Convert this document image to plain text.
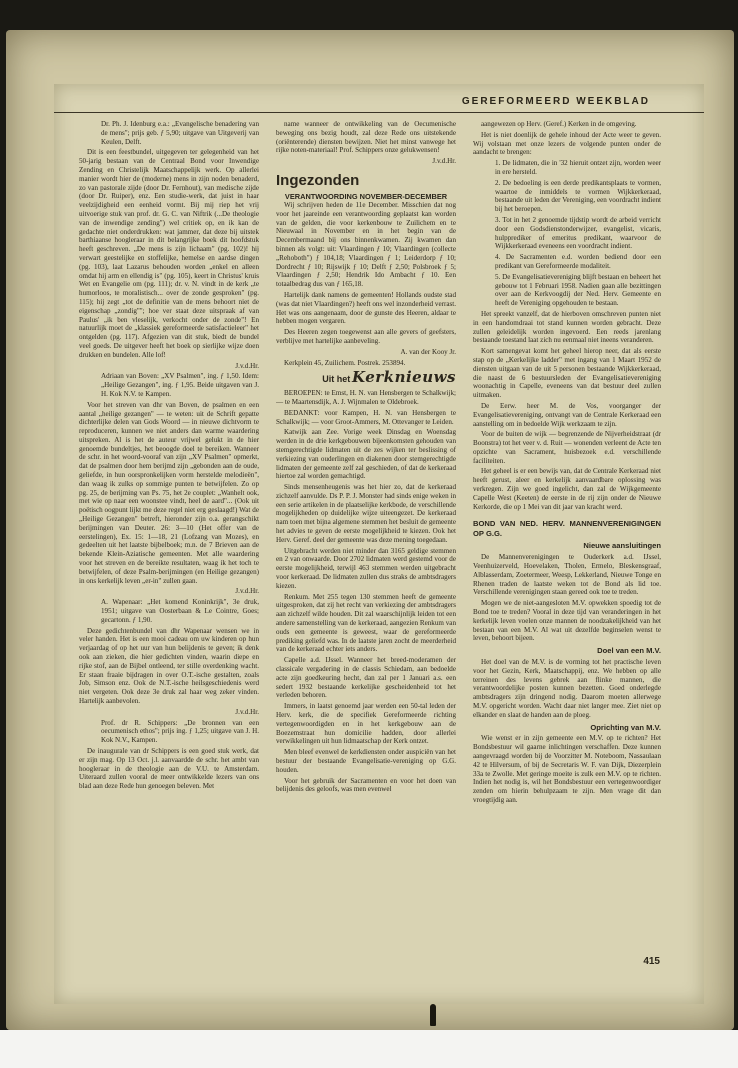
GEREFORMEERD WEEKBLAD

Dr. Ph. J. Idenburg e.a.: „Evangelische benadering van de mens"; prijs geb. ƒ 5,90; uitgave van Uitgeverij van Keulen, Delft.

Dit is een feestbundel, uitgegeven ter gelegenheid van het 50-jarig bestaan van de Centraal Bond voor Inwendige Zending en Christelijk Maatschappelijk werk. Op allerlei manier wordt hier de (moderne) mens in zijn noden benaderd, zo van pastorale zijde (door Dr. Fernhout), van medische zijde (door Dr. Ruiper), enz. Een studie-werk, dat juist in haar veelzijdigheid een eenheid vormt. Bij mij riep het vrij uitvoerige stuk van prof. dr. G. C. van Niftrik (...De theologie van de inwendige zending") wel critiek op, en ik kan de gedachte niet onderdrukken: wat jammer, dat deze bij uitstek barthiaanse hoogleraar in dit belangrijke boek dit hoofdstuk heeft geschreven. „De mens is zijn lichaam" (pg. 102)! hij verwart geestelijke en stoffelijke, hemelse en aardse dingen (pg. 103), laat Lazarus behouden worden „enkel en alleen omdat hij arm en ellendig is" (pg. 105), keert in Christus' kruis Wet en Evangelie om (pg. 111); dr. v. N. vindt in de kerk „te humorloos, te moralistisch... over de zonde gesproken" (pg. 115); hij zegt „tot de definitie van de mens behoort niet de eigenschap „zondig""; hoe ver staat deze uitspraak af van Paulus' „ik ben vleselijk, verkocht onder de zonde"! En natuurlijk moet de „klassiek gereformeerde satisfactieleer" het ontgelden (pg. 117). Afgezien van dit stuk, biedt de bundel veel goeds. De uitgever heeft het boek op sierlijke wijze doen drukken en bundelen. Alle lof!

J.v.d.Hr.

Adriaan van Boven: „XV Psalmen", ing. ƒ 1,50. Idem: „Heilige Gezangen", ing. ƒ 1,95. Beide uitgaven van J. H. Kok N.V. te Kampen.

Voor het streven van dhr van Boven, de psalmen en een aantal „heilige gezangen" — te weten: uit de Schrift gepatte dichterlijke delen van Gods Woord — in nieuwe dichtvorm te reproduceren, kunnen we niet anders dan warme waardering uitspreken. Al is het de auteur vrijwel gelukt in de hier genoemde bundeltjes, het beoogde doel te bereiken. Wanneer de schr. in het woord-vooraf van zijn „XV Psalmen" opmerkt, dat de psalmen door hem berijmd zijn „gebonden aan de oude, geliefde, in hun oorspronkelijken vorm herstelde melodieën", dan waag ik zulks op sommige punten te betwijfelen. Zo op pg. 25, de berijming van Ps. 75, het 2e couplet: „Wanhelt ook, met wie op naar een woonstee vindt, heel de aard"... (Ook uit poëtisch oogpunt lijkt me deze regel niet erg geslaagd!) Wat de „Heilige Gezangen" betreft, hieronder zijn o.a. gerangschikt berijmingen van Deuter. 26: 3—10 (Het offer van de eerstelingen), Ex. 15: 1—18, 21 (Lofzang van Mozes), en gedeelten uit het laatste bijbelboek; m.n. de 7 Brieven aan de bekende Klein-Aziatische gemeenten. Met alle waardering voor het streven en de bereikte resultaten, waag ik het toch te betwijfelen, of deze Psalm-berijmingen (en Heilige gezangen) in ons kerkelijk leven „er-in" zullen gaan.

J.v.d.Hr.

A. Wapenaar: „Het komend Koninkrijk", 3e druk, 1951; uitgave van Oosterbaan & Le Cointre, Goes; gecartonn. ƒ 1,90.

Deze gedichtenbundel van dhr Wapenaar wensen we in veler handen. Het is een mooi cadeau om uw kinderen op hun verjaardag of op het uur van hun belijdenis te geven; ik denk ook aan zieken, die hier gedichten vinden, waarin diepe en rijke stof, aan de Bijbel ontleend, ter stille overdenking wacht. Er staan fraaie bijdragen in over O.T.-ische gestalten, zoals Job, Simson enz. Ook de N.T.-ische heilsgeschiedenis werd niet vergeten. Ook deze 3e druk zal haar weg zeker vinden. Hartelijk aanbevolen.

J.v.d.Hr.

Prof. dr R. Schippers: „De bronnen van een oecumenisch ethos"; prijs ing. ƒ 1,25; uitgave van J. H. Kok N.V., Kampen.

De inaugurale van dr Schippers is een goed stuk werk, dat er zijn mag. Op 13 Oct. j.l. aanvaardde de schr. het ambt van hoogleraar in de theologie aan de V.U. te Amsterdam. Uiteraard zullen vooral de meer ontwikkelde lezers van ons blad aan deze Rede hun genoegen beleven. Met

name wanneer de ontwikkeling van de Oecumenische beweging ons bezig houdt, zal deze Rede ons uitstekende (oriënterende) diensten bewijzen. Niet het minst vanwege het rijke noten-materiaal! Prof. Schippers onze gelukwensen!

J.v.d.Hr.

Ingezonden
VERANTWOORDING NOVEMBER-DECEMBER

Wij schrijven heden de 11e December. Misschien dat nog voor het jaareinde een verantwoording geplaatst kan worden van de gelden, die voor kerkenbouw te Zuilichem en te Nieuwaal in November en in het begin van de Decembermaand bij ons binnenkwamen. Zij kwamen dan binnen als volgt: uit: Vlaardingen ƒ 10; Vlaardingen (collecte „Rehoboth") ƒ 104,18; Vlaardingen ƒ 1; Leiderdorp ƒ 10; Dordrecht ƒ 10; Rijswijk ƒ 10; Delft ƒ 2,50; Polsbroek ƒ 5; Vlaardingen ƒ 2,50; Hendrik Ido Ambacht ƒ 10. Een totaalbedrag dus van ƒ 165,18.

Hartelijk dank namens de gemeenten! Hollands oudste stad (was dat niet Vlaardingen?) heeft ons wel inzonderheid verrast. Het was ons aangenaam, door de gunste des Heeren, aldaar te hebben mogen vergaren.

Des Heeren zegen toegewenst aan alle gevers of geefsters, verblijve met hartelijke aanbeveling.

A. van der Kooy Jr.

Kerkplein 45, Zuilichem. Postrek. 253894.

Uit het Kerknieuws

BEROEPEN: te Emst, H. N. van Hensbergen te Schalkwijk; — te Maartensdijk, A. J. Wijnmalen te Oldebroek.

BEDANKT: voor Kampen, H. N. van Hensbergen te Schalkwijk; — voor Groot-Ammers, M. Ottevanger te Leiden.

Katwijk aan Zee. Vorige week Dinsdag en Woensdag werden in de drie kerkgebouwen bijeenkomsten gehouden van stemgerechtigde lidmaten uit de zes wijken ter beslissing of verkiezing van ouderlingen en diakenen door stemgerechtigde lidmaten der gemeente zelf zal geschieden, of dat de kerkeraad hiertoe zal worden gemachtigd.

Sinds mensenheugenis was het hier zo, dat de kerkeraad zichzelf aanvulde. Ds P. P. J. Monster had sinds enige weken in een serie artikelen in de plaatselijke kerkbode, de verschillende mogelijkheden op duidelijke wijze uiteengezet. De kerkeraad nam toen met bijna algemene stemmen het besluit de gemeente het advies te geven de eerste mogelijkheid te kiezen. Ook het Herv. Geref. deel der gemeente was deze mening toegedaan.

Uitgebracht werden niet minder dan 3165 geldige stemmen en 2 van onwaarde. Door 2702 lidmaten werd gestemd voor de eerste mogelijkheid, terwijl 463 stemmen werden uitgebracht voor kerkeraad. De lidmaten zullen dus straks de ambtsdragers kiezen.

Renkum. Met 255 tegen 130 stemmen heeft de gemeente uitgesproken, dat zij het recht van verkiezing der ambtsdragers aan zichzelf wilde houden. Dit zal waarschijnlijk leiden tot een andere samenstelling van de kerkeraad, aangezien Renkum van ouds een gemeente is geweest, waar de gereformeerde prediking geliefd was. In de laatste jaren zocht de meerderheid van de kerkeraad echter iets anders.

Capelle a.d. IJssel. Wanneer het breed-moderamen der classicale vergadering in de classis Schiedam, aan bedoelde acte zijn goedkeuring hecht, dan zal per 1 Januari a.s. een sedert 1932 bestaande kerkelijke gescheidenheid tot het verleden behoren.

Immers, in laatst genoemd jaar werden een 50-tal leden der Herv. kerk, die de specifiek Gereformeerde richting vertegenwoordigden en in het kerkgebouw aan de Boezemstraat hun domicilie hadden, door allerlei verwikkelingen uit hun lidmaatschap der Kerk ontzet.

Men bleef evenwel de kerkdiensten onder auspiciën van het bestuur der bestaande Evangelisatie-vereniging op G.G. houden.

Voor het gebruik der Sacramenten en voor het doen van belijdenis des geloofs, was men evenwel

aangewezen op Herv. (Geref.) Kerken in de omgeving.

Het is niet doenlijk de gehele inhoud der Acte weer te geven. Wij volstaan met onze lezers de volgende punten onder de aandacht te brengen:

1. De lidmaten, die in '32 hieruit ontzet zijn, worden weer in ere hersteld.

2. De bedoeling is een derde predikantsplaats te vormen, waartoe de inmiddels te vormen Wijkkerkeraad, bestaande uit leden der Vereniging, een voordracht indient bij het beroepen.

3. Tot in het 2 genoemde tijdstip wordt de arbeid verricht door een Godsdienstonderwijzer, evangelist, vicaris, hulpprediker of emeritus predikant, waarvoor de Wijkkerkeraad eveneens een voordracht indient.

4. De Sacramenten e.d. worden bediend door een predikant van Gereformeerde modaliteit.

5. De Evangelisatievereniging blijft bestaan en beheert het gebouw tot 1 Februari 1958. Nadien gaan alle bezittingen over aan de Kerkvoogdij der Ned. Herv. Gemeente en heeft de Vereniging opgehouden te bestaan.

Het spreekt vanzelf, dat de hierboven omschreven punten niet in een handomdraai tot stand kunnen worden gebracht. Deze zullen geleidelijk worden ingevoerd. Een reeds jarenlang bestaande toestand laat zich nu eenmaal niet ineens veranderen.

Kort samengevat komt het geheel hierop neer, dat als eerste stap op de „Kerkelijke ladder" met ingang van 1 Maart 1952 de diensten uitgaan van de uit 5 personen bestaande Wijkkerkeraad, die naast de 6 bestuursleden der Evangelisatievereniging woonachtig in Capelle, eveneens van dat bestuur deel zullen uitmaken.

De Eerw. heer M. de Vos, voorganger der Evangelisatievereniging, ontvangt van de Centrale Kerkeraad een aanstelling om in bedoelde Wijk werkzaam te zijn.

Voor de buiten de wijk — begrenzende de Nijverheidstraat (dr Boonstra) tot het veer v. d. Ruit — wonenden verleent de Acte ten opzichte van Sacrament, huisbezoek e.d. verschillende faciliteiten.

Het geheel is er een bewijs van, dat de Centrale Kerkeraad niet heeft gerust, aleer en kerkelijk aanvaardbare oplossing was verkregen. Zijn we goed ingelicht, dan zal de Wijkgemeente Capelle West (Keeten) de eerste in de rij zijn onder de Nieuwe Kerkorde, die op 1 Mei van dit jaar van kracht werd.

BOND VAN NED. HERV. MANNENVERENIGINGEN OP G.G.
Nieuwe aansluitingen

De Mannenverenigingen te Ouderkerk a.d. IJssel, Veenhuizerveld, Hoevelaken, Tholen, Ermelo, Bleskensgraaf, Alblasserdam, Zoetermeer, Weesp, Lekkerland, Nieuwe Tonge en Rhenen traden de laatste weken tot de Bond als lid toe. Verschillende verenigingen staan gereed ook toe te treden.

Mogen we de niet-aangesloten M.V. opwekken spoedig tot de Bond toe te treden? Vooral in deze tijd van veranderingen in het kerkelijk leven voelen onze mannen de noodzakelijkheid van het bestaan van een M.V. Al wat uit dezelfde beginselen wenst te leven, behoort bijeen.

Doel van een M.V.

Het doel van de M.V. is de vorming tot het practische leven voor het Gezin, Kerk, Maatschappij, enz. We hebben op alle terreinen des levens gebrek aan flinke mannen, die verantwoordelijke posten kunnen bezetten. Goed onderlegde ambtsdragers zijn dringend nodig. Daarom moeten allerwege M.V. opgericht worden. Wacht daar niet langer mee. Ziet niet op elkander en slaat de handen aan de ploeg.

Oprichting van M.V.

Wie wenst er in zijn gemeente een M.V. op te richten? Het Bondsbestuur wil gaarne inlichtingen verschaffen. Deze kunnen aangevraagd worden bij de Voorzitter M. Noteboom, Nassaulaan 42 te Hilversum, of bij de Secretaris W. F. van Dijk, Diezerplein 33a te Zwolle. Met geringe moeite is zulk een M.V. op te richten. Indien het nodig is, wil het Bondsbestuur een vertegenwoordiger zenden om hierin behulpzaam te zijn. Men vrage dit dan vroegtijdig aan.

415
